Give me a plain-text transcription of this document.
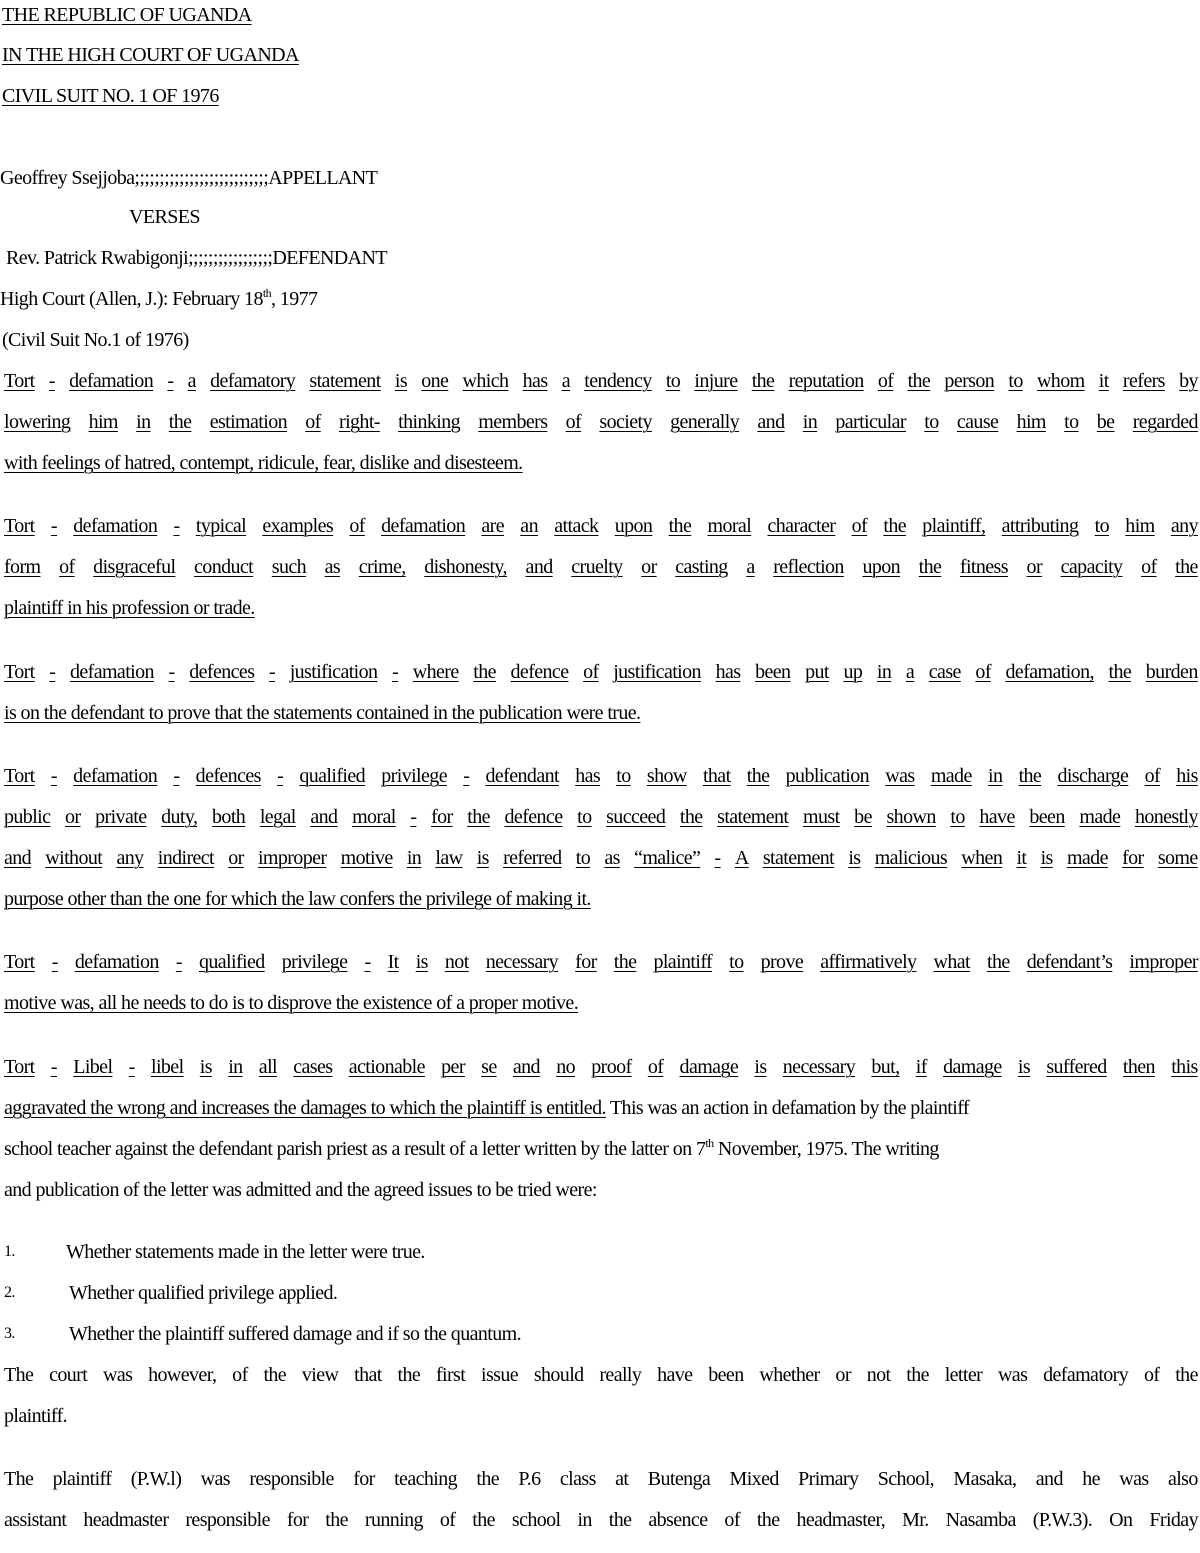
THE REPUBLIC OF UGANDA
IN THE HIGH COURT OF UGANDA
CIVIL SUIT NO. 1 OF 1976
Geoffrey Ssejjoba;;;;;;;;;;;;;;;;;;;;;;;;;;;APPELLANT
VERSES
Rev. Patrick Rwabigonji;;;;;;;;;;;;;;;;;DEFENDANT
High Court (Allen, J.): February 18th, 1977
(Civil Suit No.1 of 1976)
Tort - defamation - a defamatory statement is one which has a tendency to injure the reputation of the person to whom it refers by
lowering him in the estimation of right- thinking members of society generally and in particular to cause him to be regarded
with feelings of hatred, contempt, ridicule, fear, dislike and disesteem.
Tort - defamation - typical examples of defamation are an attack upon the moral character of the plaintiff, attributing to him any
form of disgraceful conduct such as crime, dishonesty, and cruelty or casting a reflection upon the fitness or capacity of the
plaintiff in his profession or trade.
Tort - defamation - defences - justification - where the defence of justification has been put up in a case of defamation, the burden
is on the defendant to prove that the statements contained in the publication were true.
Tort - defamation - defences - qualified privilege - defendant has to show that the publication was made in the discharge of his
public or private duty, both legal and moral - for the defence to succeed the statement must be shown to have been made honestly
and without any indirect or improper motive in law is referred to as “malice” - A statement is malicious when it is made for some
purpose other than the one for which the law confers the privilege of making it.
Tort - defamation - qualified privilege - It is not necessary for the plaintiff to prove affirmatively what the defendant’s improper
motive was, all he needs to do is to disprove the existence of a proper motive.
Tort - Libel - libel is in all cases actionable per se and no proof of damage is necessary but, if damage is suffered then this
aggravated the wrong and increases the damages to which the plaintiff is entitled. This was an action in defamation by the plaintiff
school teacher against the defendant parish priest as a result of a letter written by the latter on 7th November, 1975. The writing
and publication of the letter was admitted and the agreed issues to be tried were:
1.	Whether statements made in the letter were true.
2.	Whether qualified privilege applied.
3.	Whether the plaintiff suffered damage and if so the quantum.
The court was however, of the view that the first issue should really have been whether or not the letter was defamatory of the
plaintiff.
The plaintiff (P.W.l) was responsible for teaching the P.6 class at Butenga Mixed Primary School, Masaka, and he was also
assistant headmaster responsible for the running of the school in the absence of the headmaster, Mr. Nasamba (P.W.3). On Friday
